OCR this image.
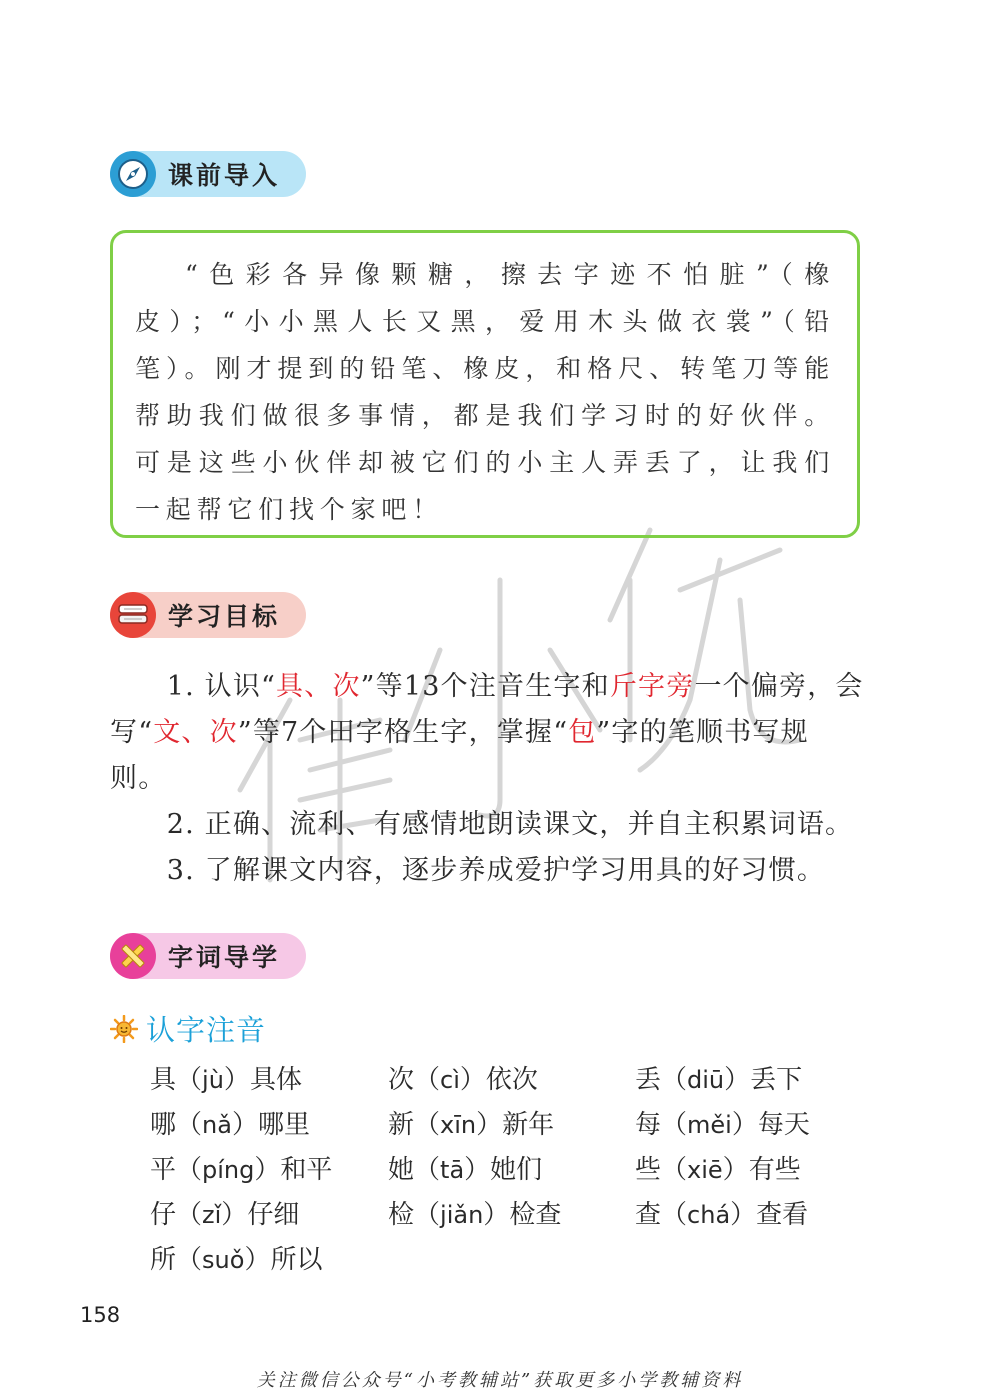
课前导入

“色彩各异像颗糖，擦去字迹不怕脏”（橡皮）；“小小黑人长又黑，爱用木头做衣裳”（铅笔）。刚才提到的铅笔、橡皮，和格尺、转笔刀等能帮助我们做很多事情，都是我们学习时的好伙伴。可是这些小伙伴却被它们的小主人弄丢了，让我们一起帮它们找个家吧！

学习目标

1. 认识“具、次”等13个注音生字和斤字旁一个偏旁，会写“文、次”等7个田字格生字，掌握“包”字的笔顺书写规则。

2. 正确、流利、有感情地朗读课文，并自主积累词语。

3. 了解课文内容，逐步养成爱护学习用具的好习惯。

字词导学
认字注音
具（jù）具体	次（cì）依次	丢（diū）丢下
哪（nǎ）哪里	新（xīn）新年	每（měi）每天
平（píng）和平 她（tā）她们	些（xiē）有些
仔（zǐ）仔细	检（jiǎn）检查	查（chá）查看
所（suǒ）所以
158
关注微信公众号“小考教辅站”获取更多小学教辅资料
